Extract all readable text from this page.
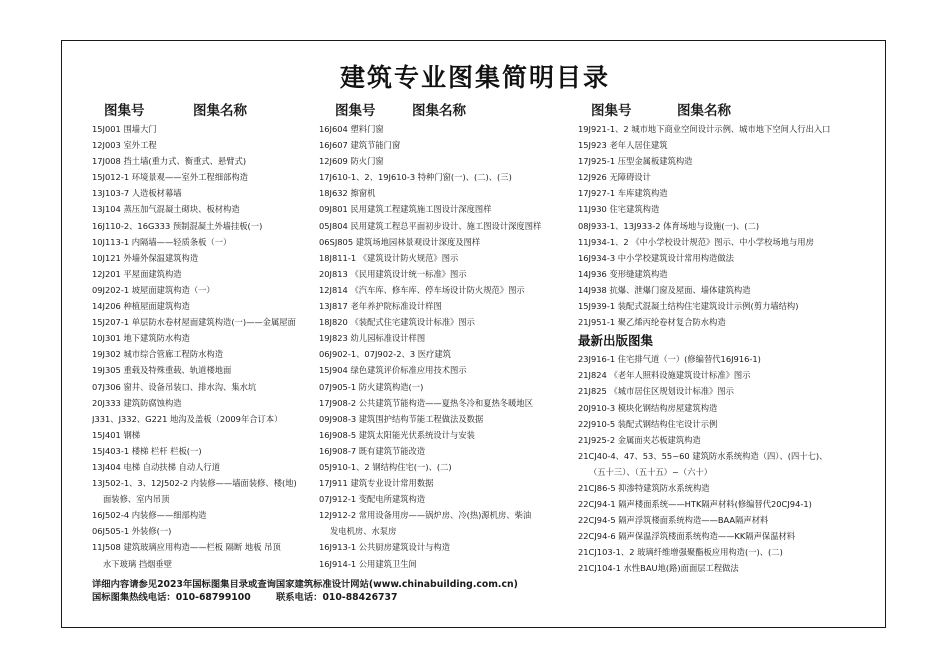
建筑专业图集简明目录
图集号	图集名称
15J001 围墙大门
12J003 室外工程
17J008 挡土墙(重力式、衡重式、悬臂式)
15J012-1 环境景观——室外工程细部构造
13J103-7 人造板材幕墙
13J104 蒸压加气混凝土砌块、板材构造
16J110-2、16G333 预制混凝土外墙挂板(一)
10J113-1 内隔墙——轻质条板（一）
10J121 外墙外保温建筑构造
12J201 平屋面建筑构造
09J202-1 坡屋面建筑构造（一）
14J206 种植屋面建筑构造
15J207-1 单层防水卷材屋面建筑构造(一)——金属屋面
10J301 地下建筑防水构造
19J302 城市综合管廊工程防水构造
19J305 重载及特殊重载、轨道楼地面
07J306 窗井、设备吊装口、排水沟、集水坑
20J333 建筑防腐蚀构造
J331、J332、G221 地沟及盖板（2009年合订本）
15J401 钢梯
15J403-1 楼梯 栏杆 栏板(一)
13J404 电梯 自动扶梯 自动人行道
13J502-1、3、12J502-2 内装修——墙面装修、楼(地)
面装修、室内吊顶
16J502-4 内装修——细部构造
06J505-1 外装修(一)
11J508 建筑玻璃应用构造——栏板 隔断 地板 吊顶
水下玻璃 挡烟垂壁
图集号	图集名称
16J604 塑料门窗
16J607 建筑节能门窗
12J609 防火门窗
17J610-1、2、19J610-3 特种门窗(一)、(二)、(三)
18J632 擦窗机
09J801 民用建筑工程建筑施工图设计深度图样
05J804 民用建筑工程总平面初步设计、施工图设计深度图样
06SJ805 建筑场地园林景观设计深度及图样
18J811-1 《建筑设计防火规范》图示
20J813 《民用建筑设计统一标准》图示
12J814 《汽车库、修车库、停车场设计防火规范》图示
13J817 老年养护院标准设计样图
18J820 《装配式住宅建筑设计标准》图示
19J823 幼儿园标准设计样图
06J902-1、07J902-2、3 医疗建筑
15J904 绿色建筑评价标准应用技术图示
07J905-1 防火建筑构造(一)
17J908-2 公共建筑节能构造——夏热冬冷和夏热冬暖地区
09J908-3 建筑围护结构节能工程做法及数据
16J908-5 建筑太阳能光伏系统设计与安装
16J908-7 既有建筑节能改造
05J910-1、2 钢结构住宅(一)、(二)
17J911 建筑专业设计常用数据
07J912-1 变配电所建筑构造
12J912-2 常用设备用房——锅炉房、冷(热)源机房、柴油
发电机房、水泵房
16J913-1 公共厨房建筑设计与构造
16J914-1 公用建筑卫生间
图集号	图集名称
19J921-1、2 城市地下商业空间设计示例、城市地下空间人行出入口
15J923 老年人居住建筑
17J925-1 压型金属板建筑构造
12J926 无障碍设计
17J927-1 车库建筑构造
11J930 住宅建筑构造
08J933-1、13J933-2 体育场地与设施(一)、(二)
11J934-1、2 《中小学校设计规范》图示、中小学校场地与用房
16J934-3 中小学校建筑设计常用构造做法
14J936 变形缝建筑构造
14J938 抗爆、泄爆门窗及屋面、墙体建筑构造
15J939-1 装配式混凝土结构住宅建筑设计示例(剪力墙结构)
21J951-1 聚乙烯丙纶卷材复合防水构造
最新出版图集
23J916-1 住宅排气道（一）(修编替代16J916-1)
21J824 《老年人照料设施建筑设计标准》图示
21J825 《城市居住区规划设计标准》图示
20J910-3 模块化钢结构房屋建筑构造
22J910-5 装配式钢结构住宅设计示例
21J925-2 金属面夹芯板建筑构造
21CJ40-4、47、53、55~60 建筑防水系统构造（四）、(四十七)、
（五十三）、（五十五）~（六十）
21CJ86-5 抑渗特建筑防水系统构造
22CJ94-1 隔声楼面系统——HTK隔声材料(修编替代20CJ94-1)
22CJ94-5 隔声浮筑楼面系统构造——BAA隔声材料
22CJ94-6 隔声保温浮筑楼面系统构造——KK隔声保温材料
21CJ103-1、2 玻璃纤维增强聚酯板应用构造(一)、(二)
21CJ104-1 水性BAU地(路)面面层工程做法
详细内容请参见2023年国标图集目录或查询国家建筑标准设计网站(www.chinabuilding.com.cn)
国标图集热线电话：010-68799100	联系电话：010-88426737
